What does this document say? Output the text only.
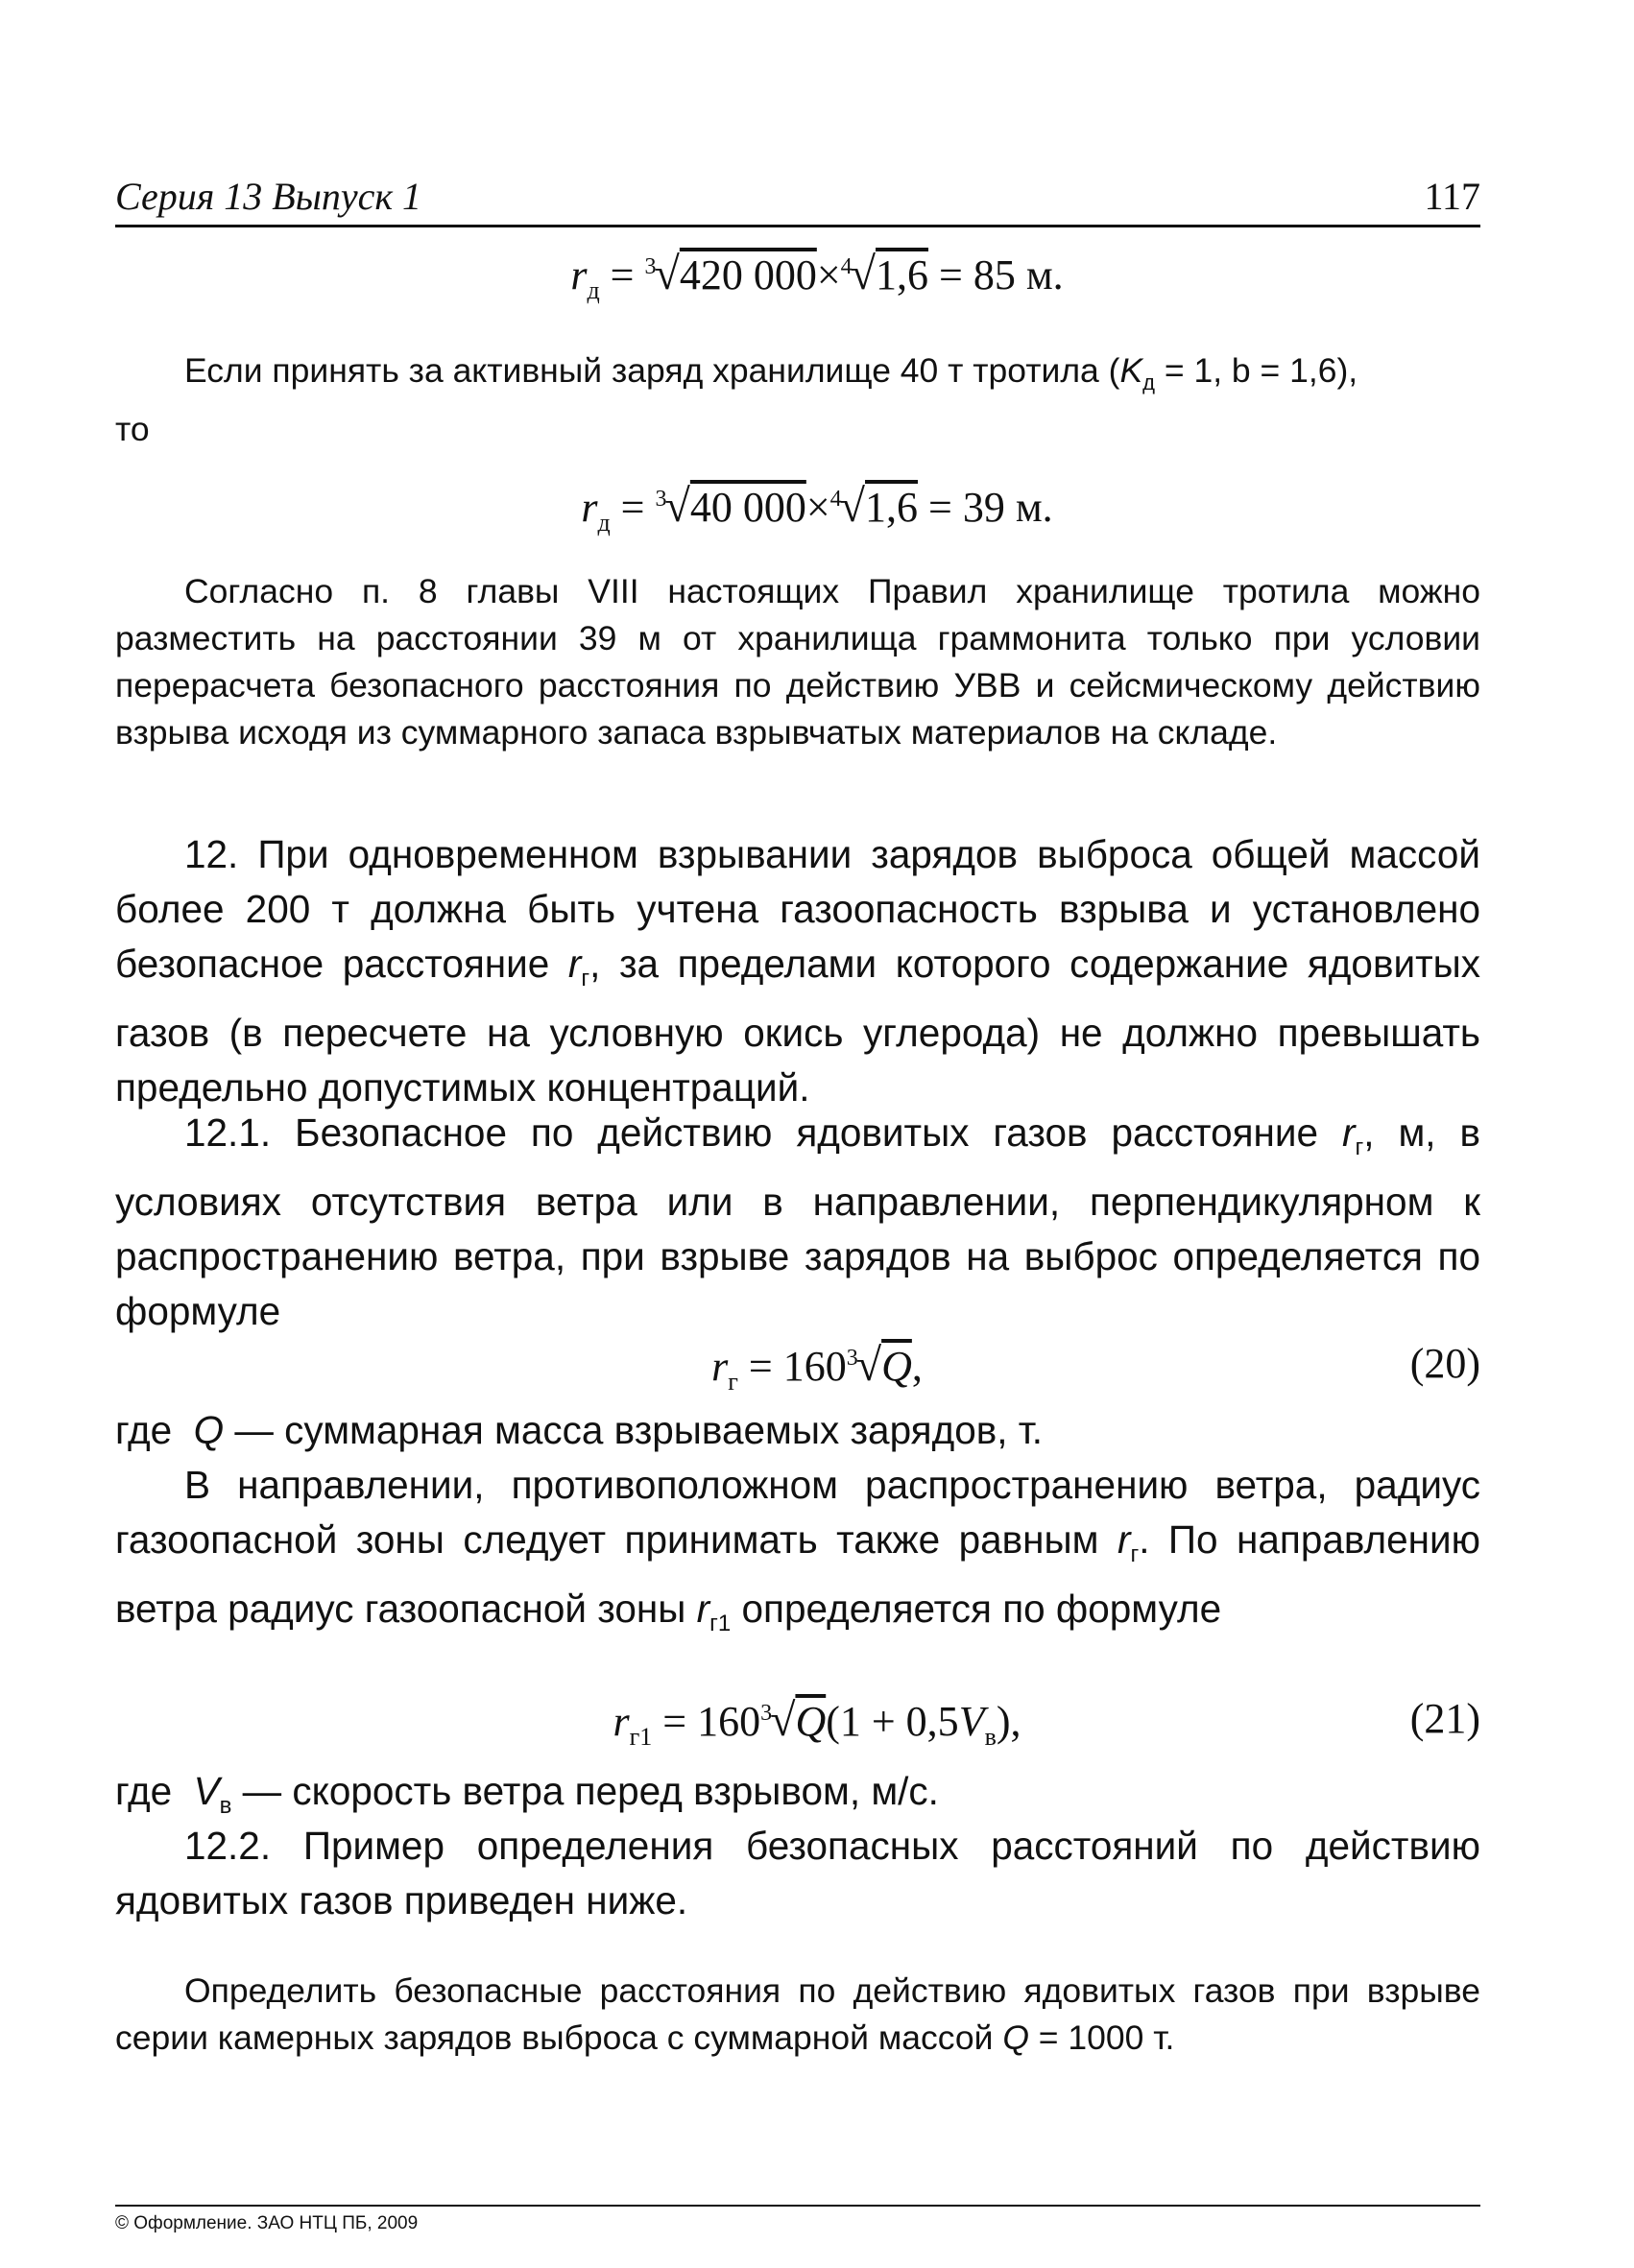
Серия 13 Выпуск 1	117
$r_д = ^3√420$ 000×$^4$√1,6 = 85 м.

Если принять за активный заряд хранилище 40 т тротила ($K_д = 1$, b = 1,6),

то

$r_д = ^3√40$ 000×$^4$√1,6 = 39 м.

Согласно п. 8 главы VIII настоящих Правил хранилище тротила можно разместить на расстоянии 39 м от хранилища граммонита только при условии перерасчета безопасного расстояния по действию УВВ и сейсмическому действию взрыва исходя из суммарного запаса взрывчатых материалов на складе.

12. При одновременном взрывании зарядов выброса общей массой более 200 т должна быть учтена газоопасность взрыва и установлено безопасное расстояние $r_г$, за пределами которого содержание ядовитых газов (в пересчете на условную окись углерода) не должно превышать предельно допустимых концентраций.

12.1. Безопасное по действию ядовитых газов расстояние $r_г$, м, в условиях отсутствия ветра или в направлении, перпендикулярном к распространению ветра, при взрыве зарядов на выброс определяется по формуле

$r_г = 160^3√Q$,	(20)

где Q — суммарная масса взрываемых зарядов, т.

В направлении, противоположном распространению ветра, радиус газоопасной зоны следует принимать также равным $r_г$. По направлению ветра радиус газоопасной зоны $r_{г1}$ определяется по формуле

$r_{г1} = 160^3√Q(1 + 0,5V_в)$,	(21)

где $V_в$ — скорость ветра перед взрывом, м/с.

12.2. Пример определения безопасных расстояний по действию ядовитых газов приведен ниже.

Определить безопасные расстояния по действию ядовитых газов при взрыве серии камерных зарядов выброса с суммарной массой Q = 1000 т.

© Оформление. ЗАО НТЦ ПБ, 2009
